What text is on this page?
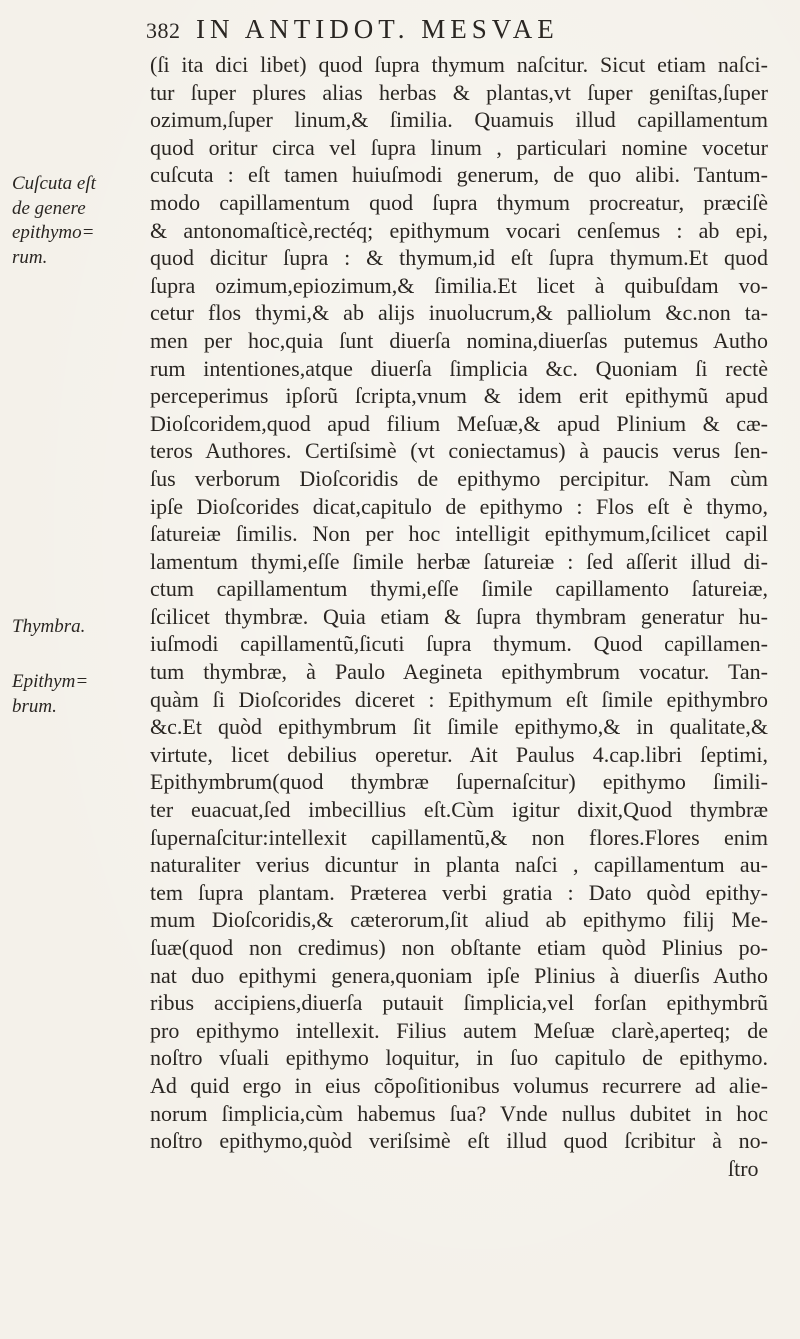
382 IN ANTIDOT. MESVAE
Cuſcuta eſt
de genere
epithymo=
rum.
Thymbra.
Epithym=
brum.
(ſi ita dici libet) quod ſupra thymum naſcitur. Sicut etiam naſci-
tur ſuper plures alias herbas & plantas,vt ſuper geniſtas,ſuper
ozimum,ſuper linum,& ſimilia. Quamuis illud capillamentum
quod oritur circa vel ſupra linum , particulari nomine vocetur
cuſcuta : eſt tamen huiuſmodi generum, de quo alibi. Tantum-
modo capillamentum quod ſupra thymum procreatur, præciſè
& antonomaſticè,rectéq; epithymum vocari cenſemus : ab epi,
quod dicitur ſupra : & thymum,id eſt ſupra thymum.Et quod
ſupra ozimum,epiozimum,& ſimilia.Et licet à quibuſdam vo-
cetur flos thymi,& ab alijs inuolucrum,& palliolum &c.non ta-
men per hoc,quia ſunt diuerſa nomina,diuerſas putemus Autho
rum intentiones,atque diuerſa ſimplicia &c. Quoniam ſi rectè
perceperimus ipſorũ ſcripta,vnum & idem erit epithymũ apud
Dioſcoridem,quod apud filium Meſuæ,& apud Plinium & cæ-
teros Authores. Certiſsimè (vt coniectamus) à paucis verus ſen-
ſus verborum Dioſcoridis de epithymo percipitur. Nam cùm
ipſe Dioſcorides dicat,capitulo de epithymo : Flos eſt è thymo,
ſatureiæ ſimilis. Non per hoc intelligit epithymum,ſcilicet capil
lamentum thymi,eſſe ſimile herbæ ſatureiæ : ſed aſſerit illud di-
ctum capillamentum thymi,eſſe ſimile capillamento ſatureiæ,
ſcilicet thymbræ. Quia etiam & ſupra thymbram generatur hu-
iuſmodi capillamentũ,ſicuti ſupra thymum. Quod capillamen-
tum thymbræ, à Paulo Aegineta epithymbrum vocatur. Tan-
quàm ſi Dioſcorides diceret : Epithymum eſt ſimile epithymbro
&c.Et quòd epithymbrum ſit ſimile epithymo,& in qualitate,&
virtute, licet debilius operetur. Ait Paulus 4.cap.libri ſeptimi,
Epithymbrum(quod thymbræ ſupernaſcitur) epithymo ſimili-
ter euacuat,ſed imbecillius eſt.Cùm igitur dixit,Quod thymbræ
ſupernaſcitur:intellexit capillamentũ,& non flores.Flores enim
naturaliter verius dicuntur in planta naſci , capillamentum au-
tem ſupra plantam. Præterea verbi gratia : Dato quòd epithy-
mum Dioſcoridis,& cæterorum,ſit aliud ab epithymo filij Me-
ſuæ(quod non credimus) non obſtante etiam quòd Plinius po-
nat duo epithymi genera,quoniam ipſe Plinius à diuerſis Autho
ribus accipiens,diuerſa putauit ſimplicia,vel forſan epithymbrũ
pro epithymo intellexit. Filius autem Meſuæ clarè,aperteq; de
noſtro vſuali epithymo loquitur, in ſuo capitulo de epithymo.
Ad quid ergo in eius cõpoſitionibus volumus recurrere ad alie-
norum ſimplicia,cùm habemus ſua? Vnde nullus dubitet in hoc
noſtro epithymo,quòd veriſsimè eſt illud quod ſcribitur à no-
ſtro
